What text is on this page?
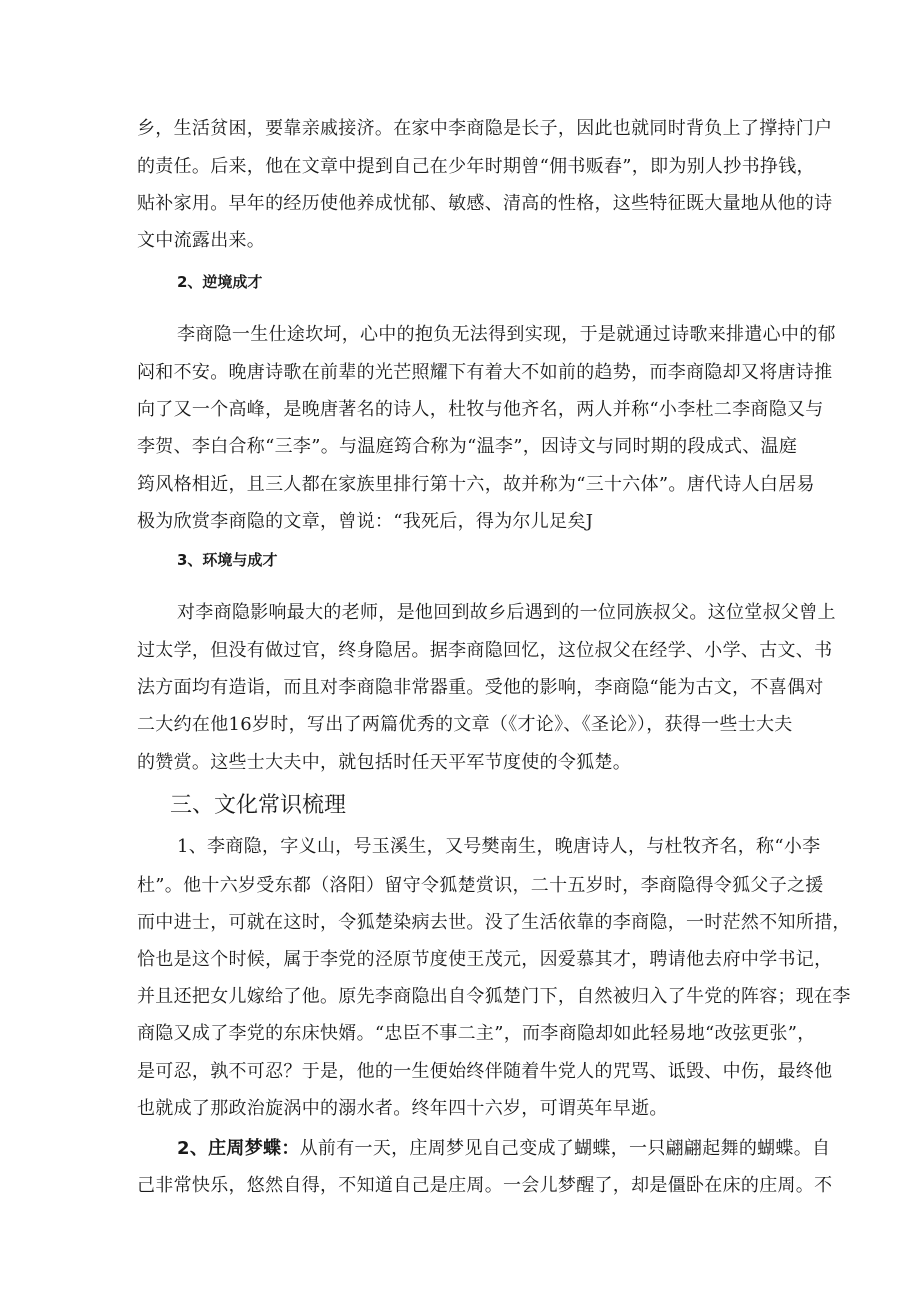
乡，生活贫困，要靠亲戚接济。在家中李商隐是长子，因此也就同时背负上了撑持门户

的责任。后来，他在文章中提到自己在少年时期曾“佣书贩舂”，即为别人抄书挣钱，

贴补家用。早年的经历使他养成忧郁、敏感、清高的性格，这些特征既大量地从他的诗

文中流露出来。

2、逆境成才

李商隐一生仕途坎坷，心中的抱负无法得到实现，于是就通过诗歌来排遣心中的郁

闷和不安。晚唐诗歌在前辈的光芒照耀下有着大不如前的趋势，而李商隐却又将唐诗推

向了又一个高峰，是晚唐著名的诗人，杜牧与他齐名，两人并称“小李杜二李商隐又与

李贺、李白合称“三李”。与温庭筠合称为“温李”，因诗文与同时期的段成式、温庭

筠风格相近，且三人都在家族里排行第十六，故并称为“三十六体”。唐代诗人白居易

极为欣赏李商隐的文章，曾说：“我死后，得为尔儿足矣J

3、环境与成才

对李商隐影响最大的老师，是他回到故乡后遇到的一位同族叔父。这位堂叔父曾上

过太学，但没有做过官，终身隐居。据李商隐回忆，这位叔父在经学、小学、古文、书

法方面均有造诣，而且对李商隐非常器重。受他的影响，李商隐“能为古文，不喜偶对

二大约在他16岁时，写出了两篇优秀的文章（《才论》、《圣论》），获得一些士大夫

的赞赏。这些士大夫中，就包括时任天平军节度使的令狐楚。

三、文化常识梳理

1、李商隐，字义山，号玉溪生，又号樊南生，晚唐诗人，与杜牧齐名，称“小李

杜”。他十六岁受东都（洛阳）留守令狐楚赏识，二十五岁时，李商隐得令狐父子之援

而中进士，可就在这时，令狐楚染病去世。没了生活依靠的李商隐，一时茫然不知所措，

恰也是这个时候，属于李党的泾原节度使王茂元，因爱慕其才，聘请他去府中学书记，

并且还把女儿嫁给了他。原先李商隐出自令狐楚门下，自然被归入了牛党的阵容；现在李

商隐又成了李党的东床快婿。“忠臣不事二主”，而李商隐却如此轻易地“改弦更张”，

是可忍，孰不可忍？于是，他的一生便始终伴随着牛党人的咒骂、诋毁、中伤，最终他

也就成了那政治旋涡中的溺水者。终年四十六岁，可谓英年早逝。

2、庄周梦蝶：从前有一天，庄周梦见自己变成了蝴蝶，一只翩翩起舞的蝴蝶。自

己非常快乐，悠然自得，不知道自己是庄周。一会儿梦醒了，却是僵卧在床的庄周。不
